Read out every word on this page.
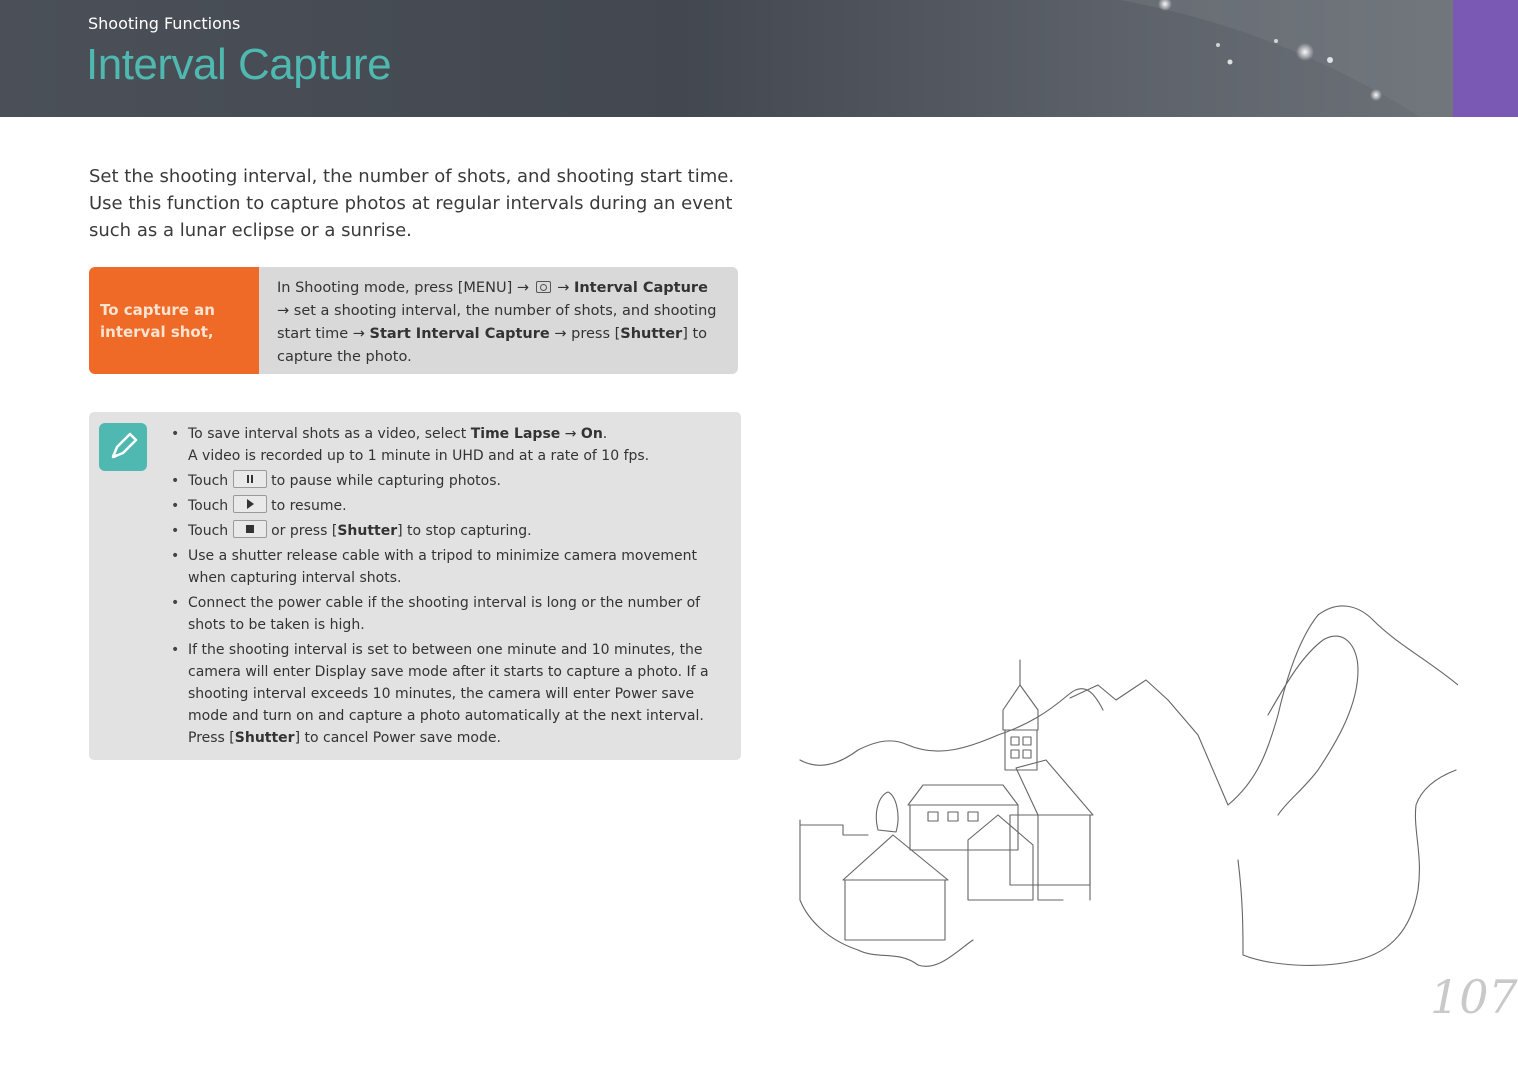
Shooting Functions
Interval Capture

Set the shooting interval, the number of shots, and shooting start time.

Use this function to capture photos at regular intervals during an event

such as a lunar eclipse or a sunrise.

To capture an interval shot,
In Shooting mode, press [MENU] →  → Interval Capture → set a shooting interval, the number of shots, and shooting start time → Start Interval Capture → press [Shutter] to capture the photo.
• To save interval shots as a video, select Time Lapse → On.
A video is recorded up to 1 minute in UHD and at a rate of 10 fps.
• Touch  to pause while capturing photos.
• Touch  to resume.
• Touch  or press [Shutter] to stop capturing.
• Use a shutter release cable with a tripod to minimize camera movement when capturing interval shots.
• Connect the power cable if the shooting interval is long or the number of shots to be taken is high.
• If the shooting interval is set to between one minute and 10 minutes, the camera will enter Display save mode after it starts to capture a photo. If a shooting interval exceeds 10 minutes, the camera will enter Power save mode and turn on and capture a photo automatically at the next interval. Press [Shutter] to cancel Power save mode.
107
